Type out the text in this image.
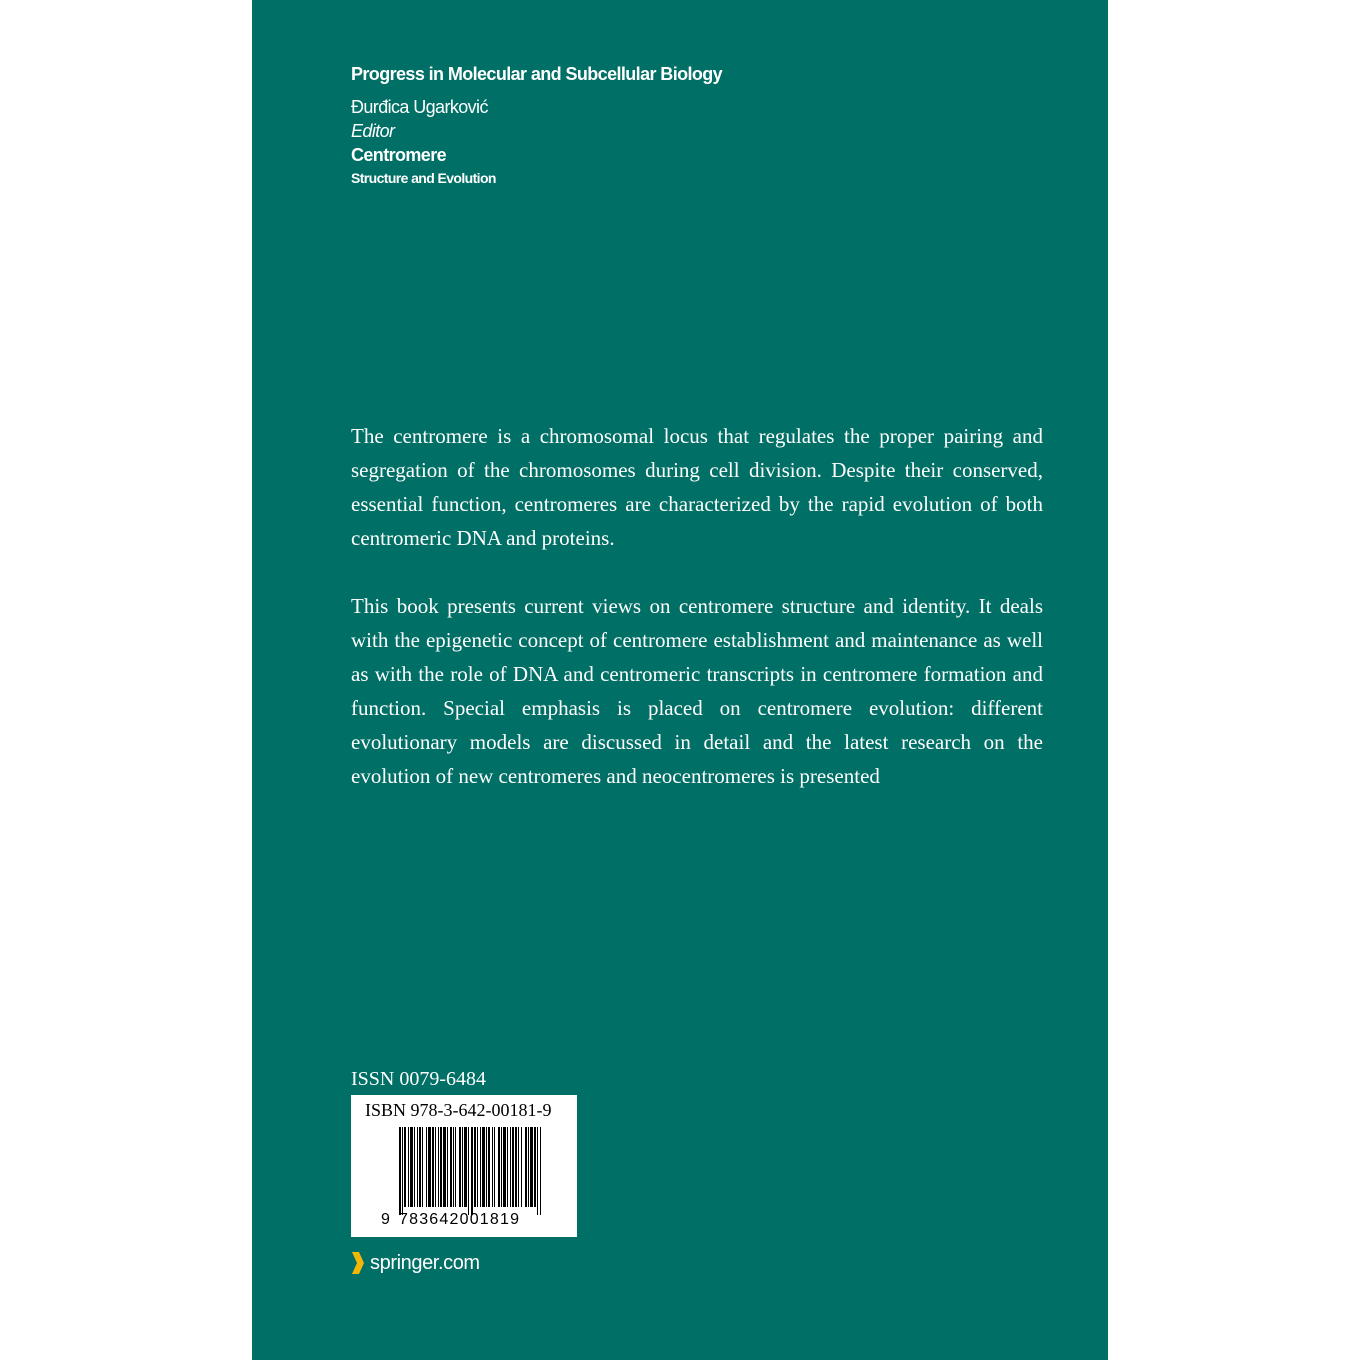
Progress in Molecular and Subcellular Biology
Đurđica Ugarković
Editor
Centromere
Structure and Evolution

The centromere is a chromosomal locus that regulates the proper pairing and segregation of the chromosomes during cell division. Despite their conserved, essential function, centromeres are characterized by the rapid evolution of both centromeric DNA and proteins.

This book presents current views on centromere structure and identity. It deals with the epigenetic concept of centromere establishment and maintenance as well as with the role of DNA and centromeric transcripts in centromere formation and function. Special emphasis is placed on centromere evolution: different evolutionary models are discussed in detail and the latest research on the evolution of new centromeres and neocentromeres is presented

ISSN 0079-6484
ISBN 978-3-642-00181-9
9 783642001819
springer.com
